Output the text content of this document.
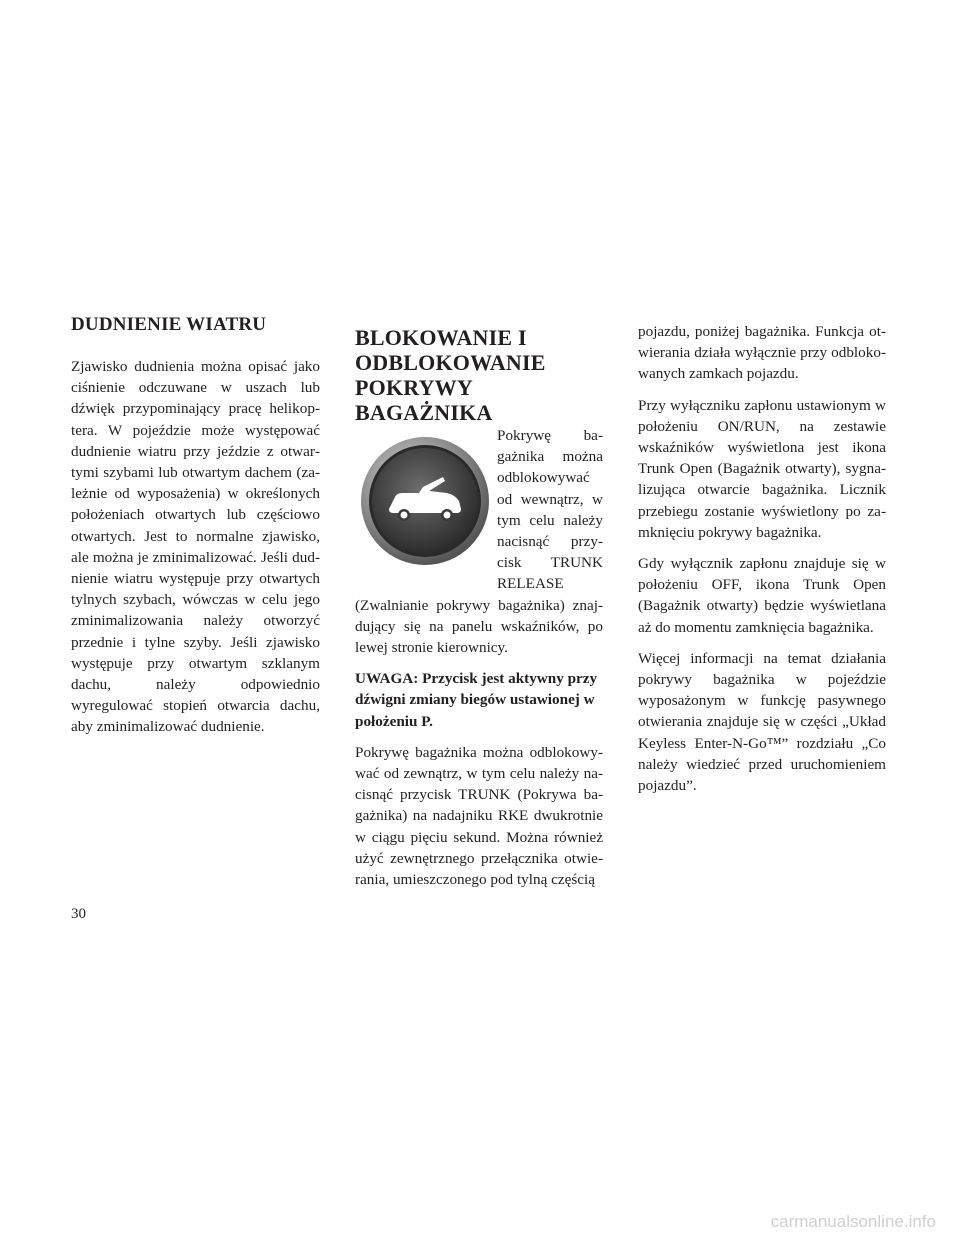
DUDNIENIE WIATRU

Zjawisko dudnienia można opisać jako ciśnienie odczuwane w uszach lub dźwięk przypominający pracę helikoptera. W pojeździe może występować dudnienie wiatru przy jeździe z otwartymi szybami lub otwartym dachem (zależnie od wyposażenia) w określonych położeniach otwartych lub częściowo otwartych. Jest to normalne zjawisko, ale można je zminimalizować. Jeśli dudnienie wiatru występuje przy otwartych tylnych szybach, wówczas w celu jego zminimalizowania należy otworzyć przednie i tylne szyby. Jeśli zjawisko występuje przy otwartym szklanym dachu, należy odpowiednio wyregulować stopień otwarcia dachu, aby zminimalizować dudnienie.

BLOKOWANIE I
ODBLOKOWANIE
POKRYWY BAGAŻNIKA

Pokrywę bagażnika można odblokowywać od wewnątrz, w tym celu należy nacisnąć przycisk TRUNK RELEASE (Zwalnianie pokrywy bagażnika) znajdujący się na panelu wskaźników, po lewej stronie kierownicy.

UWAGA: Przycisk jest aktywny przy dźwigni zmiany biegów ustawionej w położeniu P.

Pokrywę bagażnika można odblokowywać od zewnątrz, w tym celu należy nacisnąć przycisk TRUNK (Pokrywa bagażnika) na nadajniku RKE dwukrotnie w ciągu pięciu sekund. Można również użyć zewnętrznego przełącznika otwierania, umieszczonego pod tylną częścią

pojazdu, poniżej bagażnika. Funkcja otwierania działa wyłącznie przy odblokowanych zamkach pojazdu.

Przy wyłączniku zapłonu ustawionym w położeniu ON/RUN, na zestawie wskaźników wyświetlona jest ikona Trunk Open (Bagażnik otwarty), sygnalizująca otwarcie bagażnika. Licznik przebiegu zostanie wyświetlony po zamknięciu pokrywy bagażnika.

Gdy wyłącznik zapłonu znajduje się w położeniu OFF, ikona Trunk Open (Bagażnik otwarty) będzie wyświetlana aż do momentu zamknięcia bagażnika.

Więcej informacji na temat działania pokrywy bagażnika w pojeździe wyposażonym w funkcję pasywnego otwierania znajduje się w części „Układ Keyless Enter-N-Go™” rozdziału „Co należy wiedzieć przed uruchomieniem pojazdu”.

30
carmanualsonline.info
